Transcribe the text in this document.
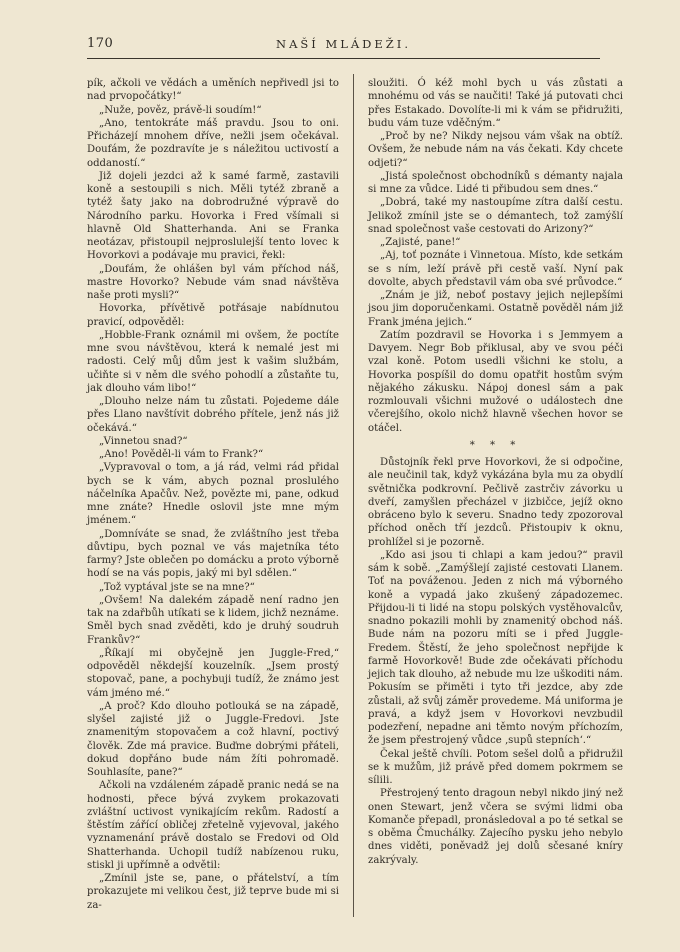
170	NAŠÍ MLÁDEŽI.

pík, ačkoli ve vědách a uměních nepřivedl jsi to nad prvopočátky!“

„Nuže, pověz, právě-li soudím!“

„Ano, tentokráte máš pravdu. Jsou to oni. Přicházejí mnohem dříve, nežli jsem očekával. Doufám, že pozdravíte je s náležitou uctivostí a oddaností.“

Již dojeli jezdci až k samé farmě, zastavili koně a sestoupili s nich. Měli tytéž zbraně a tytéž šaty jako na dobrodružné výpravě do Národního parku. Hovorka i Fred všímali si hlavně Old Shatterhanda. Ani se Franka neotázav, přistoupil nejproslulejší tento lovec k Hovorkovi a podávaje mu pravici, řekl:

„Doufám, že ohlášen byl vám příchod náš, mastre Hovorko? Nebude vám snad návštěva naše proti mysli?“

Hovorka, přívětivě potřásaje nabídnutou pravicí, odpověděl:

„Hobble-Frank oznámil mi ovšem, že poctíte mne svou návštěvou, která k nemalé jest mi radosti. Celý můj dům jest k vašim službám, učiňte si v něm dle svého pohodlí a zůstaňte tu, jak dlouho vám libo!“

„Dlouho nelze nám tu zůstati. Pojedeme dále přes Llano navštívit dobrého přítele, jenž nás již očekává.“

„Vinnetou snad?“

„Ano! Pověděl-li vám to Frank?“

„Vypravoval o tom, a já rád, velmi rád přidal bych se k vám, abych poznal proslulého náčelníka Apačův. Než, povězte mi, pane, odkud mne znáte? Hnedle oslovil jste mne mým jménem.“

„Domníváte se snad, že zvláštního jest třeba důvtipu, bych poznal ve vás majetníka této farmy? Jste oblečen po domácku a proto výborně hodí se na vás popis, jaký mi byl sdělen.“

„Tož vyptával jste se na mne?“

„Ovšem! Na dalekém západě není radno jen tak na zdařbůh utíkati se k lidem, jichž neznáme. Směl bych snad zvěděti, kdo je druhý soudruh Frankův?“

„Říkají mi obyčejně jen Juggle-Fred,“ odpověděl někdejší kouzelník. „Jsem prostý stopovač, pane, a pochybuji tudíž, že známo jest vám jméno mé.“

„A proč? Kdo dlouho potlouká se na západě, slyšel zajisté již o Juggle-Fredovi. Jste znamenitým stopovačem a což hlavní, poctivý člověk. Zde má pravice. Buďme dobrými přáteli, dokud dopřáno bude nám žíti pohromadě. Souhlasíte, pane?“

Ačkoli na vzdáleném západě pranic nedá se na hodnosti, přece bývá zvykem prokazovati zvláštní uctivost vynikajícím rekům. Radostí a štěstím zářící obličej zřetelně vyjevoval, jakého vyznamenání právě dostalo se Fredovi od Old Shatterhanda. Uchopil tudíž nabízenou ruku, stiskl ji upřímně a odvětil:

„Zmínil jste se, pane, o přátelství, a tím prokazujete mi velikou čest, již teprve bude mi si za-

sloužiti. Ó kéž mohl bych u vás zůstati a mnohému od vás se naučiti! Také já putovati chci přes Estakado. Dovolíte-li mi k vám se přidružiti, budu vám tuze vděčným.“

„Proč by ne? Nikdy nejsou vám však na obtíž. Ovšem, že nebude nám na vás čekati. Kdy chcete odjeti?“

„Jistá společnost obchodníků s démanty najala si mne za vůdce. Lidé ti přibudou sem dnes.“

„Dobrá, také my nastoupíme zítra další cestu. Jelikož zmínil jste se o démantech, tož zamýšlí snad společnost vaše cestovati do Arizony?“

„Zajisté, pane!“

„Aj, toť poznáte i Vinnetoua. Místo, kde setkám se s ním, leží právě při cestě vaší. Nyní pak dovolte, abych představil vám oba své průvodce.“

„Znám je již, neboť postavy jejich nejlepšími jsou jim doporučenkami. Ostatně pověděl nám již Frank jména jejich.“

Zatím pozdravil se Hovorka i s Jemmyem a Davyem. Negr Bob přiklusal, aby ve svou péči vzal koně. Potom usedli všichni ke stolu, a Hovorka pospíšil do domu opatřit hostům svým nějakého zákusku. Nápoj donesl sám a pak rozmlouvali všichni mužové o událostech dne včerejšího, okolo nichž hlavně všechen hovor se otáčel.

* * *

Důstojník řekl prve Hovorkovi, že si odpočine, ale neučinil tak, když vykázána byla mu za obydlí světnička podkrovní. Pečlivě zastrčiv závorku u dveří, zamyšlen přecházel v jizbičce, jejíž okno obráceno bylo k severu. Snadno tedy zpozoroval příchod oněch tří jezdců. Přistoupiv k oknu, prohlížel si je pozorně.

„Kdo asi jsou ti chlapi a kam jedou?“ pravil sám k sobě. „Zamýšlejí zajisté cestovati Llanem. Toť na pováženou. Jeden z nich má výborného koně a vypadá jako zkušený západozemec. Přijdou-li ti lidé na stopu polských vystěhovalcův, snadno pokazili mohli by znamenitý obchod náš. Bude nám na pozoru míti se i před Juggle-Fredem. Štěstí, že jeho společnost nepřijde k farmě Hovorkově! Bude zde očekávati příchodu jejich tak dlouho, až nebude mu lze uškoditi nám. Pokusím se přiměti i tyto tři jezdce, aby zde zůstali, až svůj záměr provedeme. Má uniforma je pravá, a když jsem v Hovorkovi nevzbudil podezření, nepadne ani těmto novým příchozím, že jsem přestrojený vůdce ‚supů stepních‘.“

Čekal ještě chvíli. Potom sešel dolů a přidružil se k mužům, již právě před domem pokrmem se sílili.

Přestrojený tento dragoun nebyl nikdo jiný než onen Stewart, jenž včera se svými lidmi oba Komanče přepadl, pronásledoval a po té setkal se s oběma Čmuchálky. Zajecího pysku jeho nebylo dnes viděti, poněvadž jej dolů sčesané kníry zakrývaly.
